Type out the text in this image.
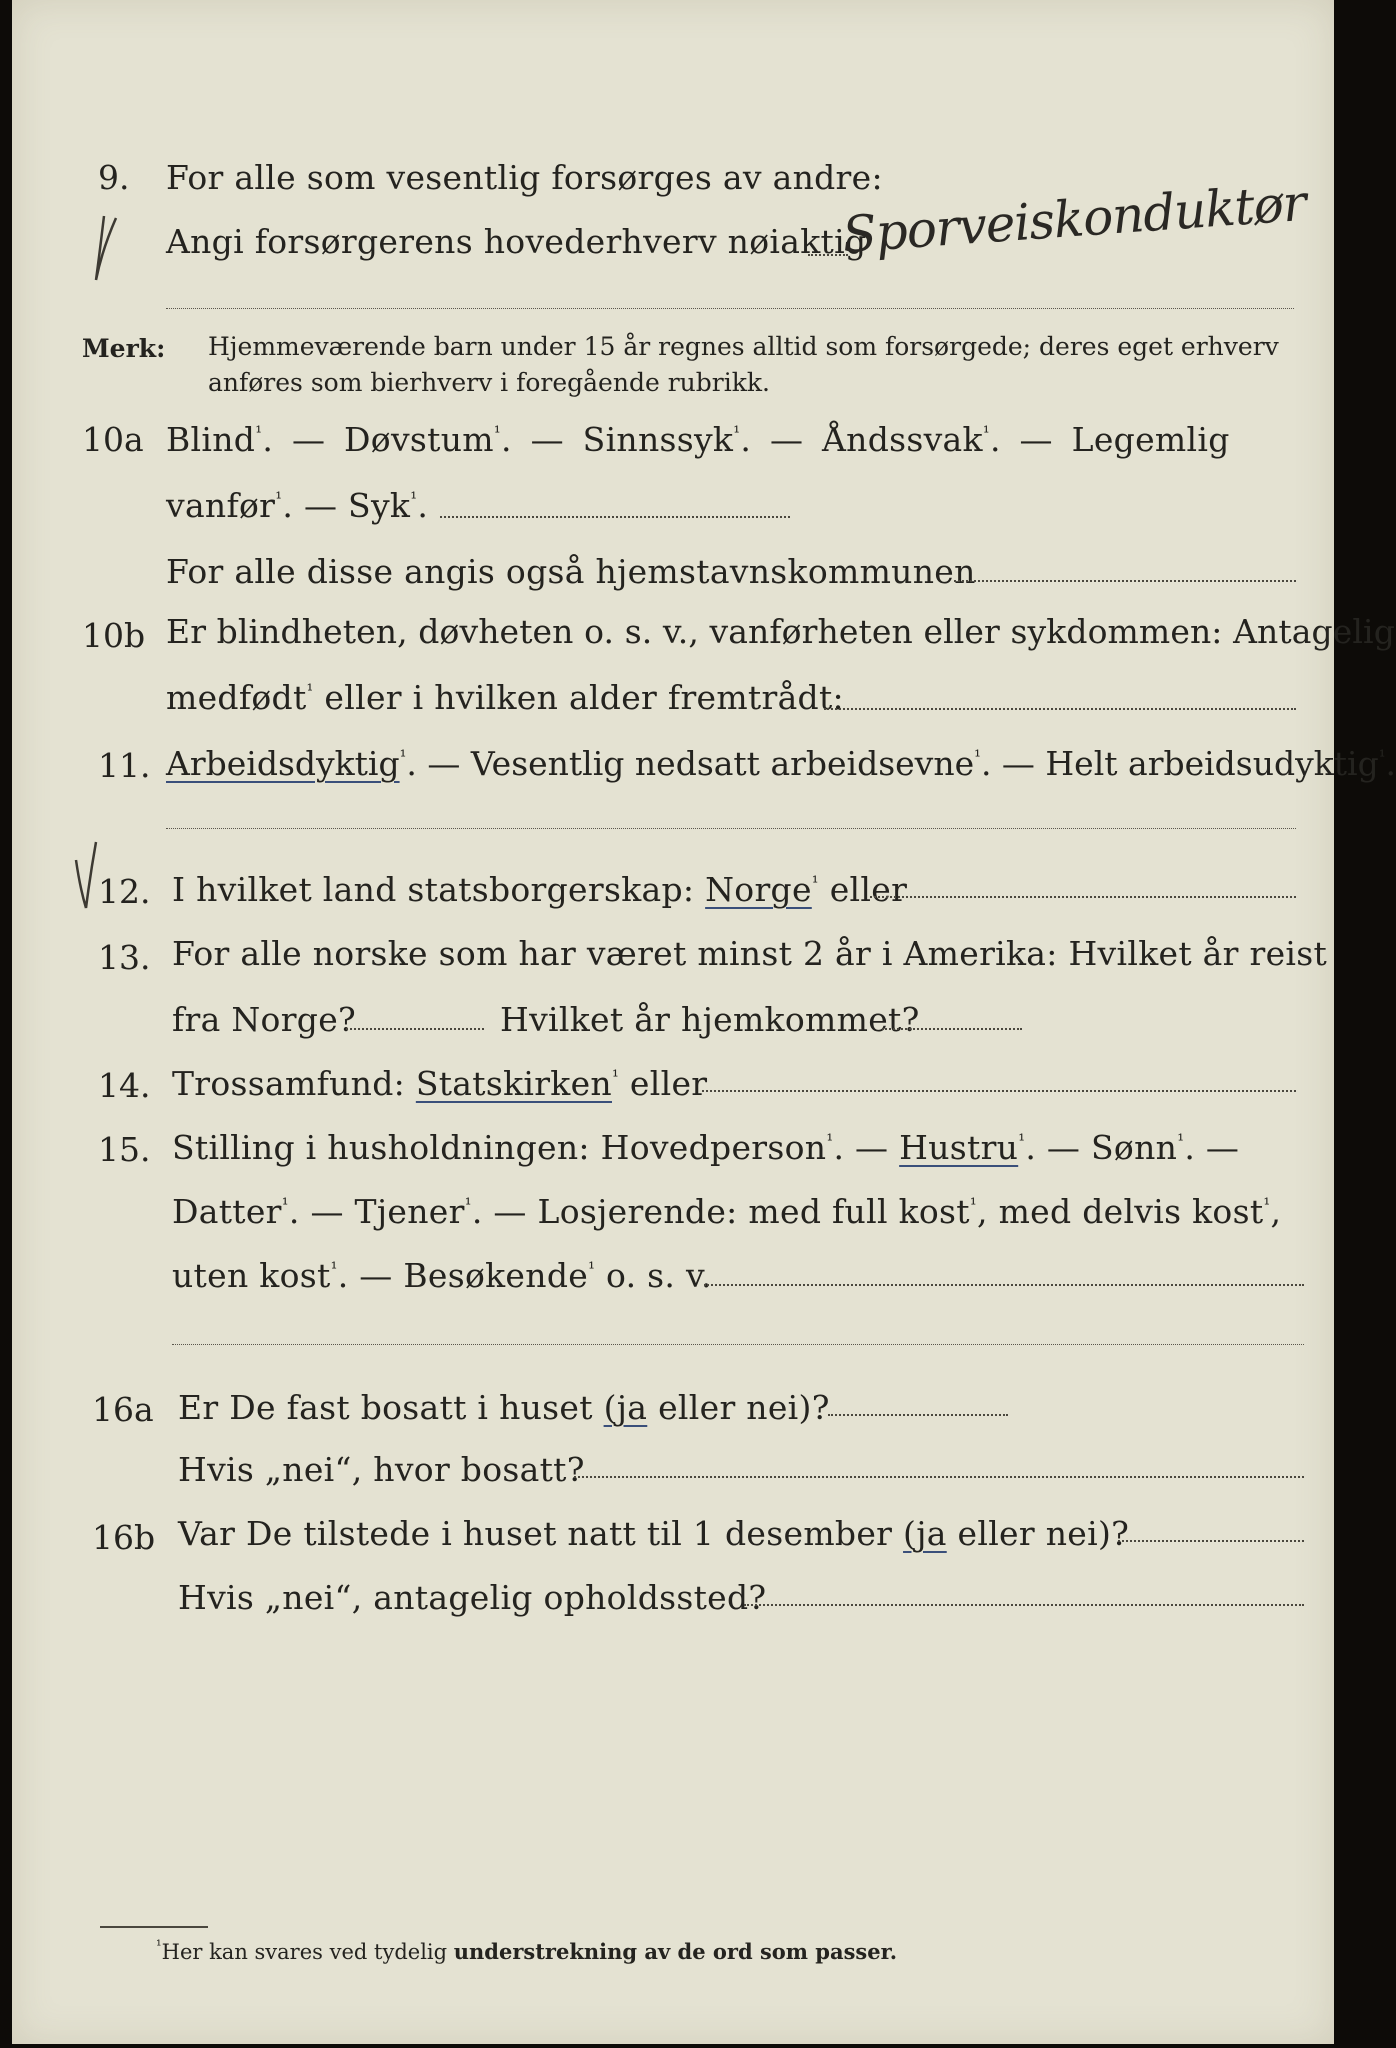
9. For alle som vesentlig forsørges av andre:
Angi forsørgerens hovederhverv nøiaktig
Sporveiskonduktør
Merk: Hjemmeværende barn under 15 år regnes alltid som forsørgede; deres eget erhverv
anføres som bierhverv i foregående rubrikk.
10a Blind$^{^1}$. — Døvstum$^{^1}$. — Sinnssyk$^{^1}$. — Åndssvak$^{^1}$. — Legemlig
vanfør$^{^1}$. — Syk$^{^1}$.
For alle disse angis også hjemstavnskommunen
10b Er blindheten, døvheten o. s. v., vanførheten eller sykdommen: Antagelig
medfødt$^{^1}$ eller i hvilken alder fremtrådt:
11. Arbeidsdyktig$^{^1}$. — Vesentlig nedsatt arbeidsevne$^{^1}$. — Helt arbeidsudyktig$^{^1}$.
12. I hvilket land statsborgerskap: Norge$^{^1}$ eller
13. For alle norske som har været minst 2 år i Amerika: Hvilket år reist
fra Norge?	Hvilket år hjemkommet?
14. Trossamfund: Statskirken$^{^1}$ eller
15. Stilling i husholdningen: Hovedperson$^{^1}$. — Hustru$^{^1}$. — Sønn$^{^1}$. —
Datter$^{^1}$. — Tjener$^{^1}$. — Losjerende: med full kost$^{^1}$, med delvis kost$^{^1}$,
uten kost$^{^1}$. — Besøkende$^{^1}$ o. s. v.
16a Er De fast bosatt i huset (ja eller nei)?
Hvis „nei“, hvor bosatt?
16b Var De tilstede i huset natt til 1 desember (ja eller nei)?
Hvis „nei“, antagelig opholdssted?
$^{^1}$Her kan svares ved tydelig understrekning av de ord som passer.
